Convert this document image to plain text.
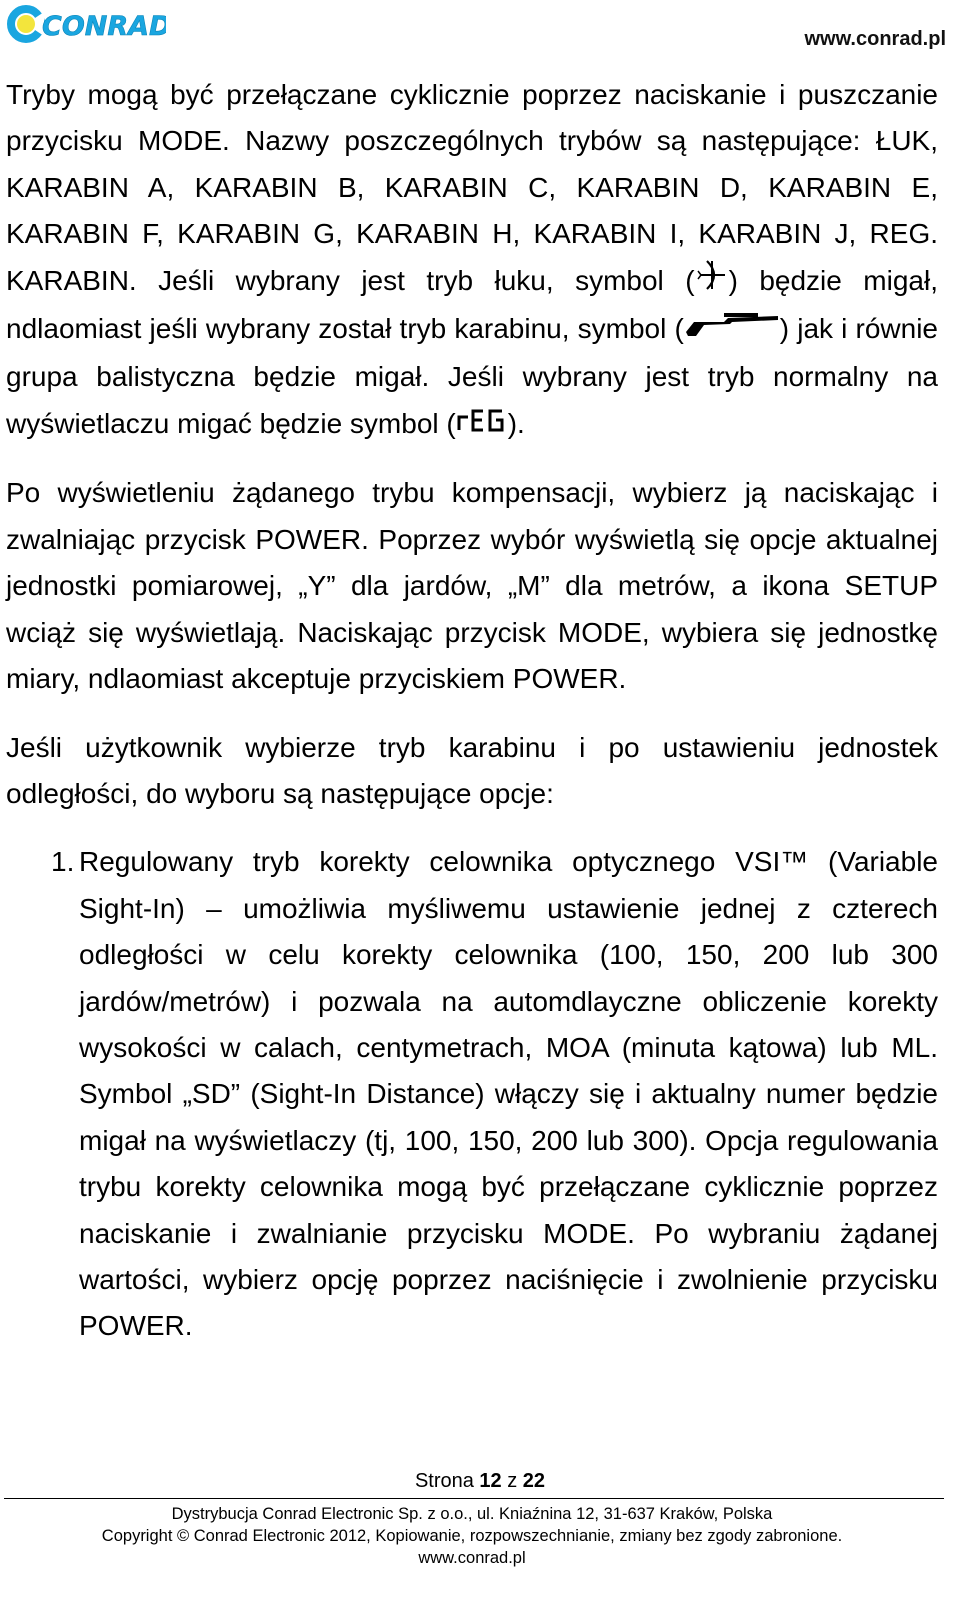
CONRAD	www.conrad.pl

Tryby mogą być przełączane cyklicznie poprzez naciskanie i puszczanie przycisku MODE. Nazwy poszczególnych trybów są następujące: ŁUK, KARABIN A, KARABIN B, KARABIN C, KARABIN D, KARABIN E, KARABIN F, KARABIN G, KARABIN H, KARABIN I, KARABIN J, REG. KARABIN. Jeśli wybrany jest tryb łuku, symbol ( ) będzie migał, ndlaomiast jeśli wybrany został tryb karabinu, symbol (	) jak i równie grupa balistyczna będzie migał. Jeśli wybrany jest tryb normalny na wyświetlaczu migać będzie symbol ( ).

Po wyświetleniu żądanego trybu kompensacji, wybierz ją naciskając i zwalniając przycisk POWER. Poprzez wybór wyświetlą się opcje aktualnej jednostki pomiarowej, „Y” dla jardów, „M” dla metrów, a ikona SETUP wciąż się wyświetlają. Naciskając przycisk MODE, wybiera się jednostkę miary, ndlaomiast akceptuje przyciskiem POWER.

Jeśli użytkownik wybierze tryb karabinu i po ustawieniu jednostek odległości, do wyboru są następujące opcje:

1. Regulowany tryb korekty celownika optycznego VSI™ (Variable Sight-In) – umożliwia myśliwemu ustawienie jednej z czterech odległości w celu korekty celownika (100, 150, 200 lub 300 jardów/metrów) i pozwala na automdlayczne obliczenie korekty wysokości w calach, centymetrach, MOA (minuta kątowa) lub ML. Symbol „SD” (Sight-In Distance) włączy się i aktualny numer będzie migał na wyświetlaczy (tj, 100, 150, 200 lub 300). Opcja regulowania trybu korekty celownika mogą być przełączane cyklicznie poprzez naciskanie i zwalnianie przycisku MODE. Po wybraniu żądanej wartości, wybierz opcję poprzez naciśnięcie i zwolnienie przycisku POWER.
Strona 12 z 22
Dystrybucja Conrad Electronic Sp. z o.o., ul. Kniaźnina 12, 31-637 Kraków, Polska
Copyright © Conrad Electronic 2012, Kopiowanie, rozpowszechnianie, zmiany bez zgody zabronione.
www.conrad.pl
